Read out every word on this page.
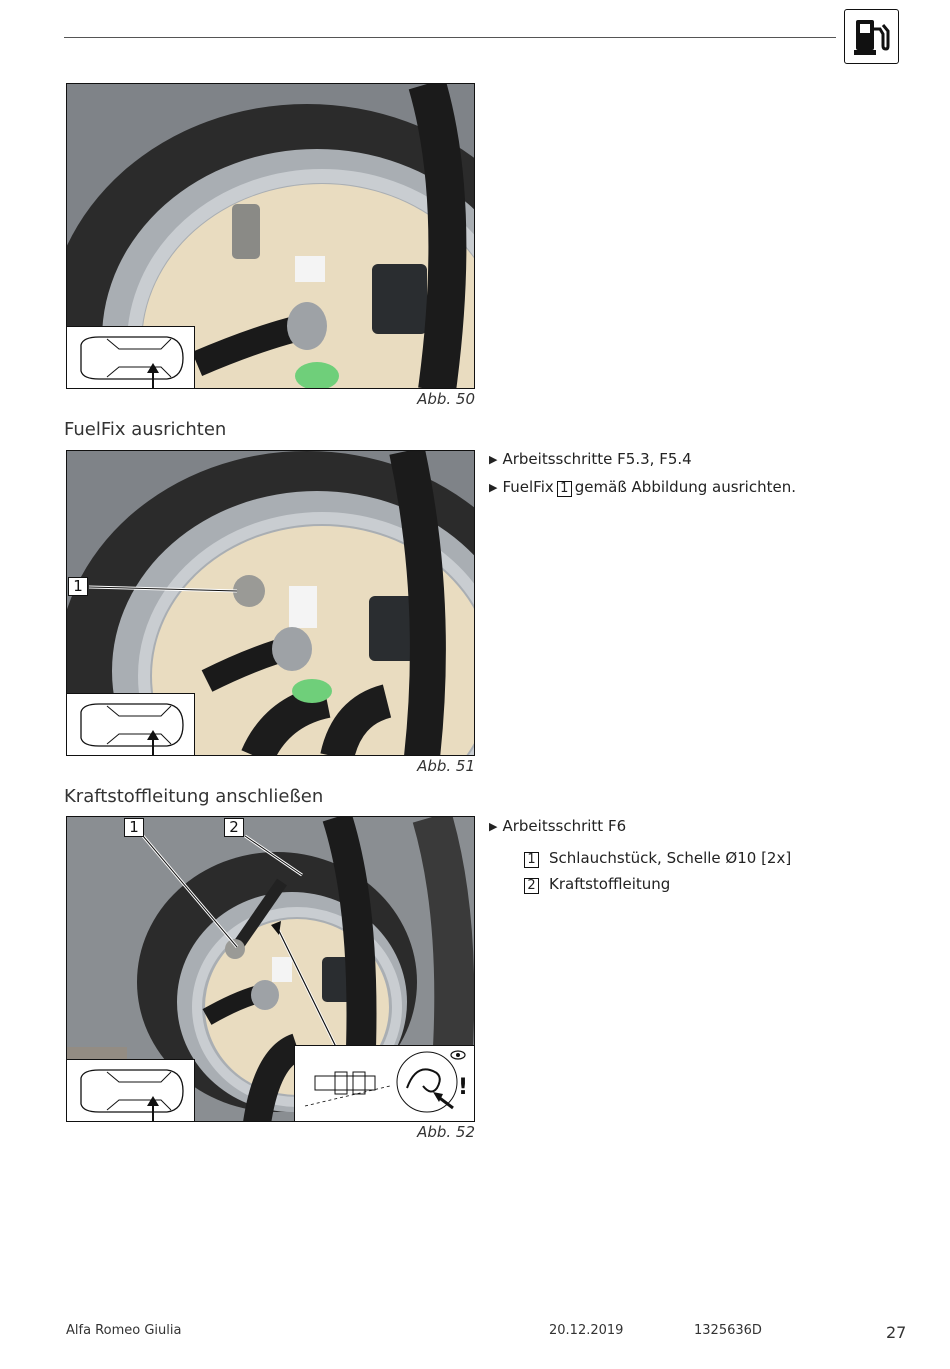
Abb. 50
FuelFix ausrichten
1
Abb. 51
▶ Arbeitsschritte F5.3, F5.4
▶ FuelFix 1 gemäß Abbildung ausrichten.
Kraftstoffleitung anschließen
1	2
!
Abb. 52
▶ Arbeitsschritt F6
1 Schlauchstück, Schelle Ø10 [2x]
2 Kraftstoffleitung
Alfa Romeo Giulia	20.12.2019	1325636D	27
